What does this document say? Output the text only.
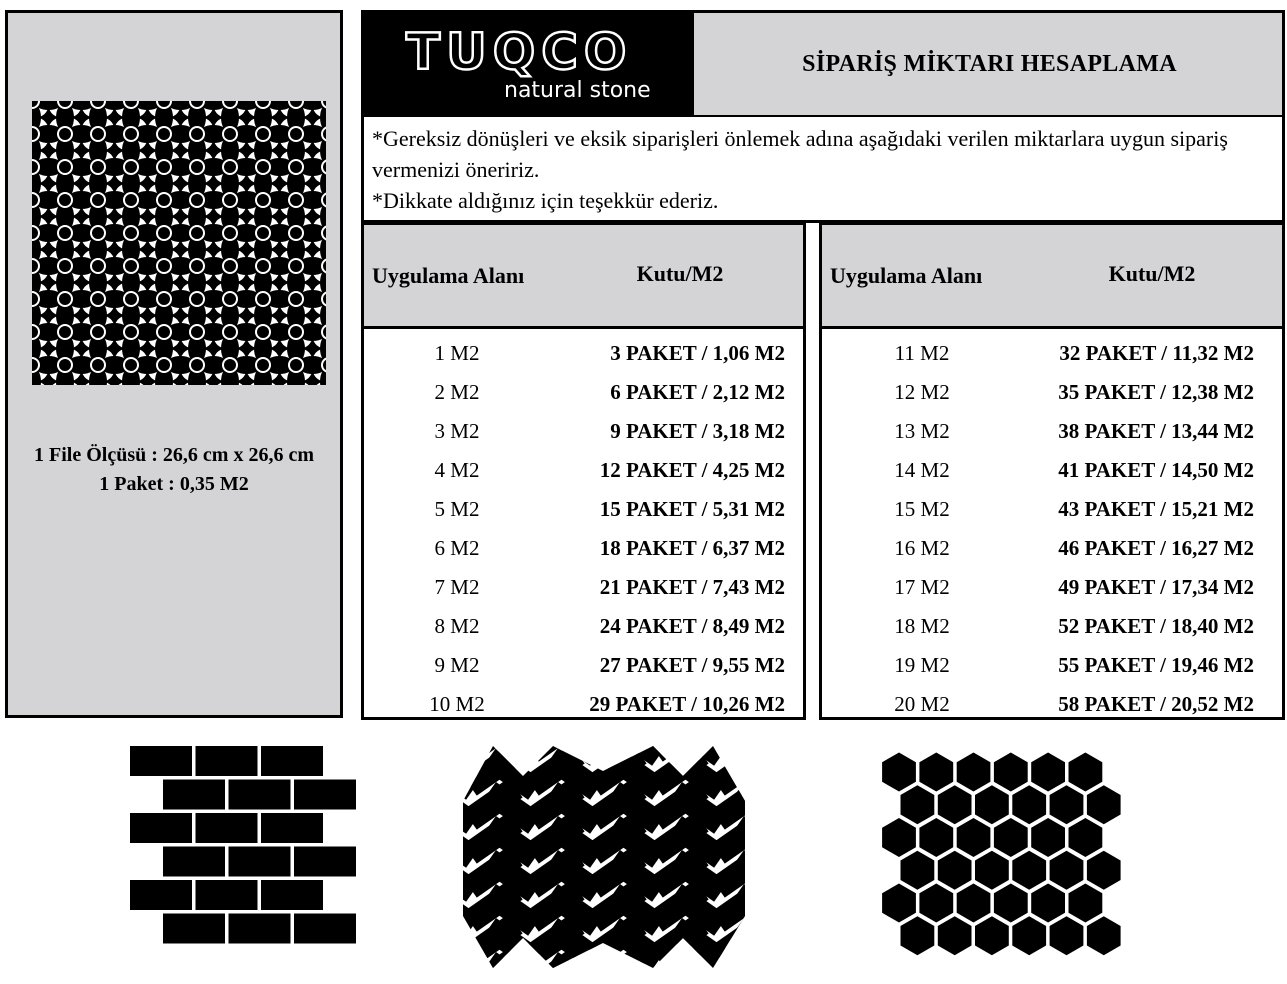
1 File Ölçüsü : 26,6 cm x 26,6 cm
1 Paket : 0,35 M2
TUQCO
natural stone
SİPARİŞ MİKTARI HESAPLAMA
*Gereksiz dönüşleri ve eksik siparişleri önlemek adına aşağıdaki verilen miktarlara uygun sipariş vermenizi öneririz.
*Dikkate aldığınız için teşekkür ederiz.
Uygulama Alanı	Kutu/M2
1 M2	3 PAKET / 1,06 M2
2 M2	6 PAKET / 2,12 M2
3 M2	9 PAKET / 3,18 M2
4 M2	12 PAKET / 4,25 M2
5 M2	15 PAKET / 5,31 M2
6 M2	18 PAKET / 6,37 M2
7 M2	21 PAKET / 7,43 M2
8 M2	24 PAKET / 8,49 M2
9 M2	27 PAKET / 9,55 M2
10 M2	29 PAKET / 10,26 M2
Uygulama Alanı	Kutu/M2
11 M2	32 PAKET / 11,32 M2
12 M2	35 PAKET / 12,38 M2
13 M2	38 PAKET / 13,44 M2
14 M2	41 PAKET / 14,50 M2
15 M2	43 PAKET / 15,21 M2
16 M2	46 PAKET / 16,27 M2
17 M2	49 PAKET / 17,34 M2
18 M2	52 PAKET / 18,40 M2
19 M2	55 PAKET / 19,46 M2
20 M2	58 PAKET / 20,52 M2
